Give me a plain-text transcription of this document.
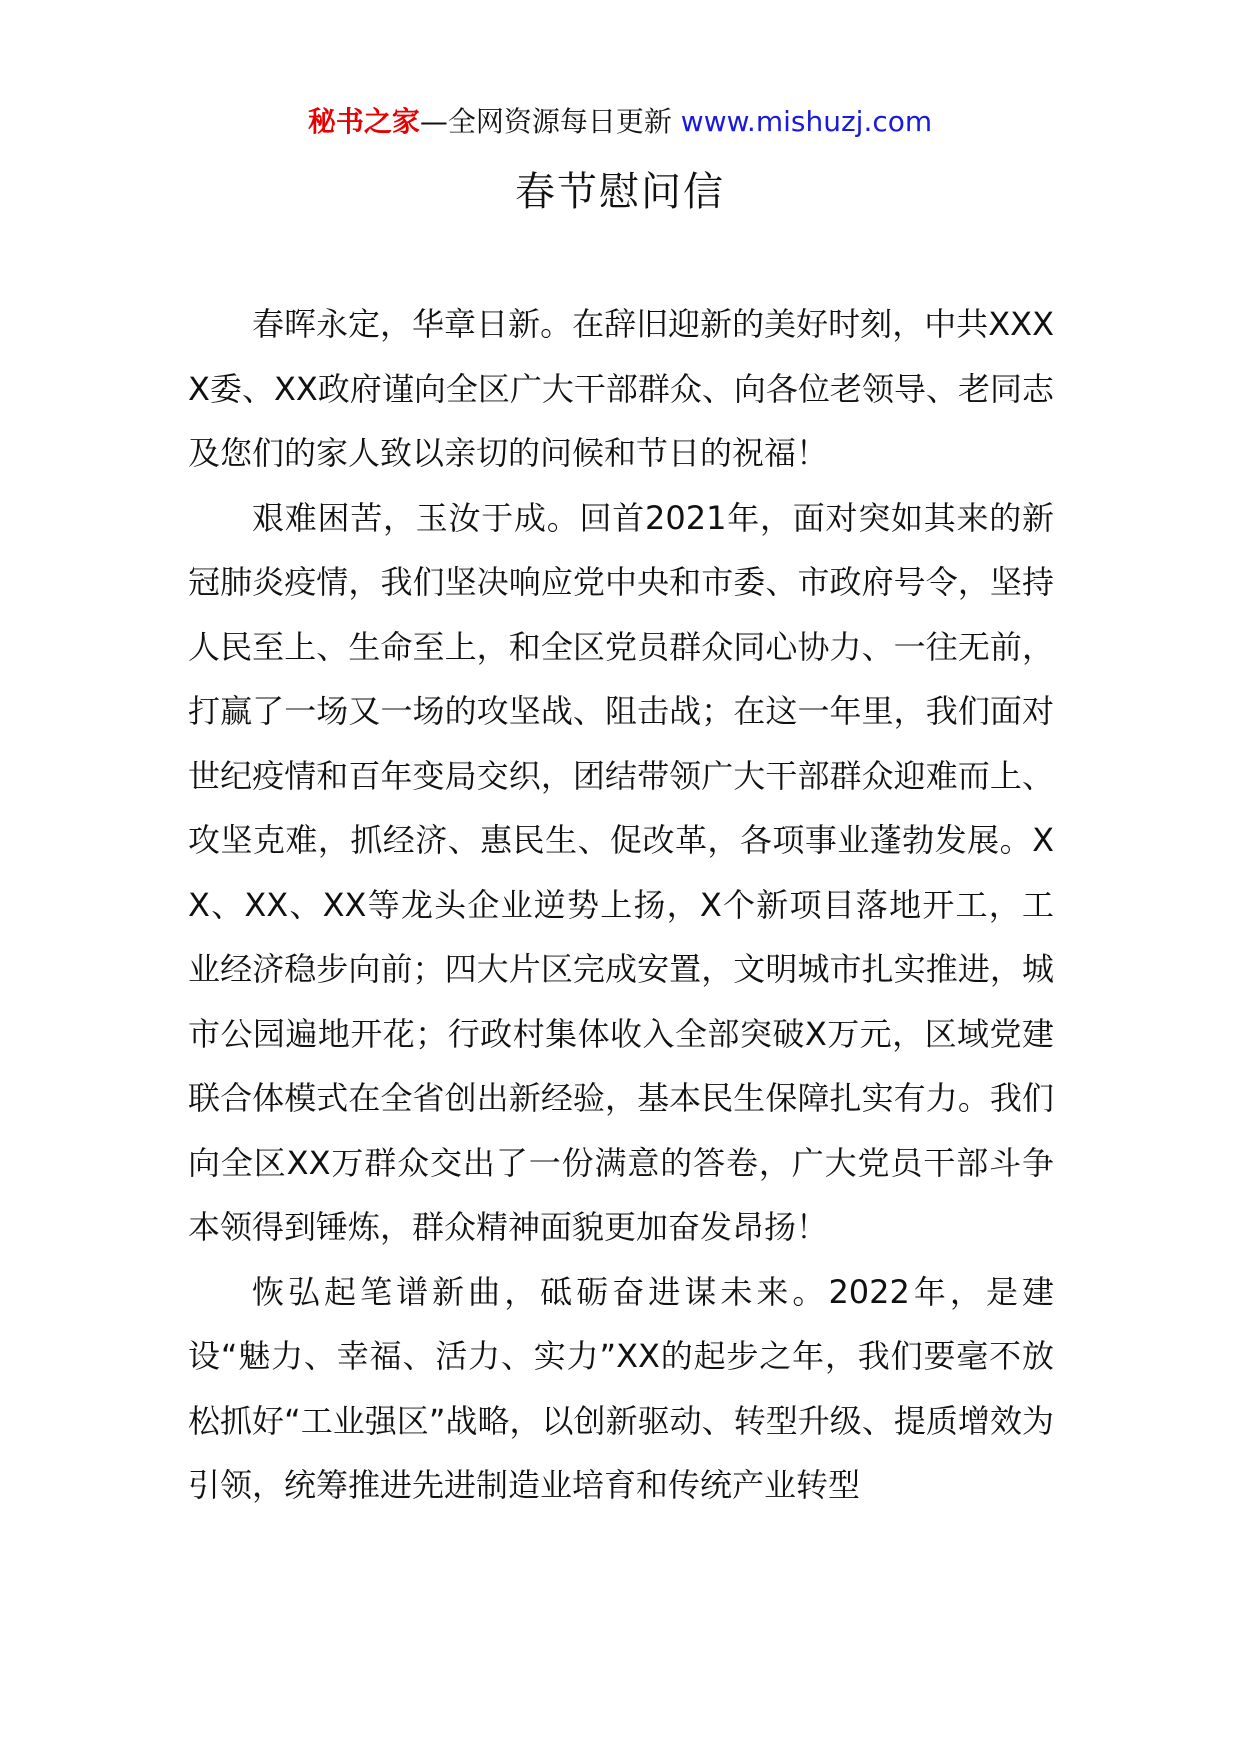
秘书之家—全网资源每日更新 www.mishuzj.com
春节慰问信

春晖永定，华章日新。在辞旧迎新的美好时刻，中共XXXX委、XX政府谨向全区广大干部群众、向各位老领导、老同志及您们的家人致以亲切的问候和节日的祝福！

艰难困苦，玉汝于成。回首2021年，面对突如其来的新冠肺炎疫情，我们坚决响应党中央和市委、市政府号令，坚持人民至上、生命至上，和全区党员群众同心协力、一往无前，打赢了一场又一场的攻坚战、阻击战；在这一年里，我们面对世纪疫情和百年变局交织，团结带领广大干部群众迎难而上、攻坚克难，抓经济、惠民生、促改革，各项事业蓬勃发展。XX、XX、XX等龙头企业逆势上扬，X个新项目落地开工，工业经济稳步向前；四大片区完成安置，文明城市扎实推进，城市公园遍地开花；行政村集体收入全部突破X万元，区域党建联合体模式在全省创出新经验，基本民生保障扎实有力。我们向全区XX万群众交出了一份满意的答卷，广大党员干部斗争本领得到锤炼，群众精神面貌更加奋发昂扬！

恢弘起笔谱新曲，砥砺奋进谋未来。2022年，是建设“魅力、幸福、活力、实力”XX的起步之年，我们要毫不放松抓好“工业强区”战略，以创新驱动、转型升级、提质增效为引领，统筹推进先进制造业培育和传统产业转型
